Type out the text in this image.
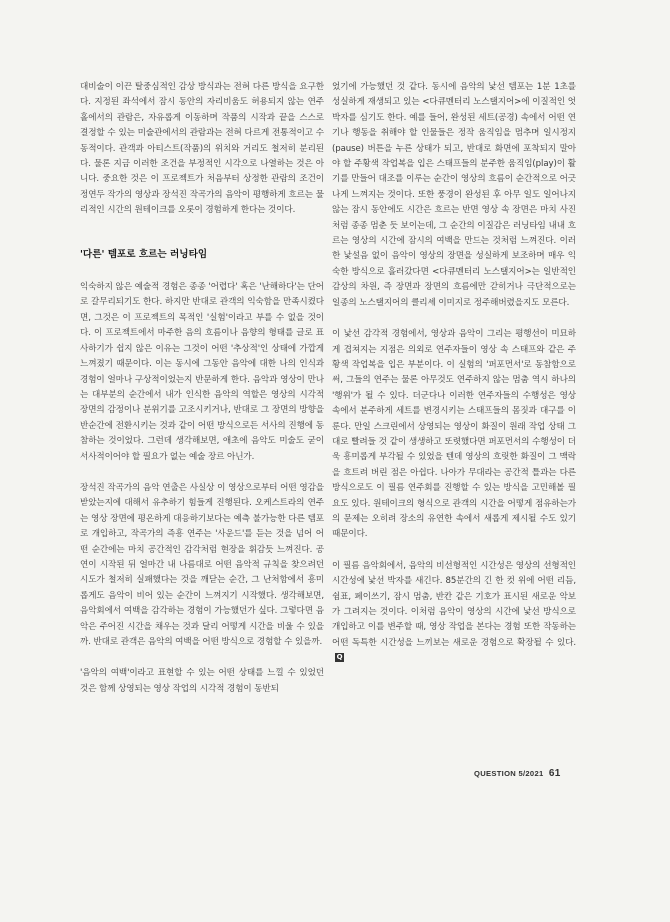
대비술이 이끈 탈중심적인 감상 방식과는 전혀 다른 방식을 요구한다. 지정된 좌석에서 잠시 동안의 자리비움도 허용되지 않는 연주홀에서의 관람은, 자유롭게 이동하며 작품의 시작과 끝을 스스로 결정할 수 있는 미술관에서의 관람과는 전혀 다르게 전통적이고 수동적이다. 관객과 아티스트(작품)의 위치와 거리도 철저히 분리된다. 물론 지금 이러한 조건을 부정적인 시각으로 나열하는 것은 아니다. 중요한 것은 이 프로젝트가 처음부터 상정한 관람의 조건이 정연두 작가의 영상과 장석진 작곡가의 음악이 평행하게 흐르는 물리적인 시간의 원테이크를 오롯이 경험하게 한다는 것이다.

'다른' 템포로 흐르는 러닝타임

익숙하지 않은 예술적 경험은 종종 '어렵다' 혹은 '난해하다'는 단어로 갈무리되기도 한다. 하지만 반대로 관객의 익숙함을 만족시켰다면, 그것은 이 프로젝트의 목적인 '실험'이라고 부를 수 없을 것이다. 이 프로젝트에서 마주한 음의 흐름이나 음향의 형태를 글로 표사하기가 쉽지 않은 이유는 그것이 어떤 '추상적'인 상태에 가깝게 느껴졌기 때문이다. 이는 동시에 그동안 음악에 대한 나의 인식과 경험이 얼마나 구상적이었는지 반문하게 한다. 음악과 영상이 만나는 대부분의 순간에서 내가 인식한 음악의 역할은 영상의 시각적 장면의 감정이나 분위기를 고조시키거나, 반대로 그 장면의 방향을 반순간에 전환시키는 것과 같이 어떤 방식으로든 서사의 진행에 동참하는 것이었다. 그런데 생각해보면, 애초에 음악도 미술도 굳이 서사적이어야 할 필요가 없는 예술 장르 아닌가.

장석진 작곡가의 음악 연출은 사실상 이 영상으로부터 어떤 영감을 받았는지에 대해서 유추하기 힘들게 진행된다. 오케스트라의 연주는 영상 장면에 평온하게 대응하기보다는 예측 불가능한 다른 템포로 개입하고, 작곡가의 즉흥 연주는 '사운드'를 듣는 것을 넘어 어떤 순간에는 마치 공간적인 감각처럼 현장을 휘감듯 느껴진다. 공연이 시작된 뒤 얼마간 내 나름대로 어떤 음악적 규칙을 찾으려던 시도가 철저히 실패했다는 것을 깨닫는 순간, 그 난처함에서 흥미롭게도 음악이 비어 있는 순간이 느껴지기 시작했다. 생각해보면, 음악회에서 여백을 감각하는 경험이 가능했던가 싶다. 그렇다면 음악은 주어진 시간을 채우는 것과 달리 어떻게 시간을 비울 수 있을까. 반대로 관객은 음악의 여백을 어떤 방식으로 경험할 수 있을까.

'음악의 여백'이라고 표현할 수 있는 어떤 상태를 느낄 수 있었던 것은 함께 상영되는 영상 작업의 시각적 경험이 동반되

었기에 가능했던 것 같다. 동시에 음악의 낯선 템포는 1분 1초를 성실하게 재생되고 있는 <다큐멘터리 노스탤지어>에 이질적인 엇박자를 심기도 한다. 예를 들어, 완성된 세트(공경) 속에서 어떤 연기나 행동을 취해야 할 인물들은 정작 움직임을 멈추며 일시정지(pause) 버튼을 누른 상태가 되고, 반대로 화면에 포착되지 말아야 할 주황색 작업복을 입은 스태프들의 분주한 움직임(play)이 활기를 만들어 대조를 이루는 순간이 영상의 흐름이 순간적으로 어긋나게 느껴지는 것이다. 또한 풍경이 완성된 후 아무 일도 일어나지 않는 잠시 동안에도 시간은 흐르는 반면 영상 속 장면은 마치 사진처럼 종종 멈춘 듯 보이는데, 그 순간의 이질감은 러닝타임 내내 흐르는 영상의 시간에 잠시의 여백을 만드는 것처럼 느껴진다. 이러한 낯설음 없이 음악이 영상의 장면을 성실하게 보조하며 매우 익숙한 방식으로 흘러갔다면 <다큐멘터리 노스탤지어>는 일반적인 감상의 차원, 즉 장면과 장면의 흐름에만 갇히거나 극단적으로는 일종의 노스탤지어의 클리셰 이미지로 정주해버렸을지도 모른다.

이 낯선 감각적 경험에서, 영상과 음악이 그리는 평행선이 미묘하게 겹쳐지는 지점은 의외로 연주자들이 영상 속 스태프와 같은 주황색 작업복을 입은 부분이다. 이 실험의 '퍼포먼서'로 동참함으로써, 그들의 연주는 물론 아무것도 연주하지 않는 멈춤 역시 하나의 '행위'가 될 수 있다. 더군다나 이러한 연주자들의 수행성은 영상 속에서 분주하게 세트를 변경시키는 스태프들의 몸짓과 대구를 이룬다. 만일 스크린에서 상영되는 영상이 화질이 원래 작업 상태 그대로 빨려들 것 같이 생생하고 또렷했다면 퍼포먼서의 수행성이 더욱 흥미롭게 부각될 수 있었을 텐데 영상의 흐릿한 화질이 그 맥락을 흐트려 버린 점은 아쉽다. 나아가 무대라는 공간적 틀과는 다른 방식으로도 이 필름 연주회를 진행할 수 있는 방식을 고민해볼 필요도 있다. 원테이크의 형식으로 관객의 시간을 어떻게 점유하는가의 문제는 오히려 장소의 유연한 속에서 새롭게 제시될 수도 있기 때문이다.

이 필름 음악회에서, 음악의 비선형적인 시간성은 영상의 선형적인 시간성에 낯선 박자를 새긴다. 85분간의 긴 한 컷 위에 어떤 리듬, 쉼표, 페이쓰기, 잠시 멈춤, 반칸 같은 기호가 표시된 새로운 악보가 그려지는 것이다. 이처럼 음악이 영상의 시간에 낯선 방식으로 개입하고 이를 변주할 때, 영상 작업을 본다는 경험 또한 작동하는 어떤 독특한 시간성을 느끼보는 새로운 경험으로 확장될 수 있다.Q

QUESTION 5/2021 61
